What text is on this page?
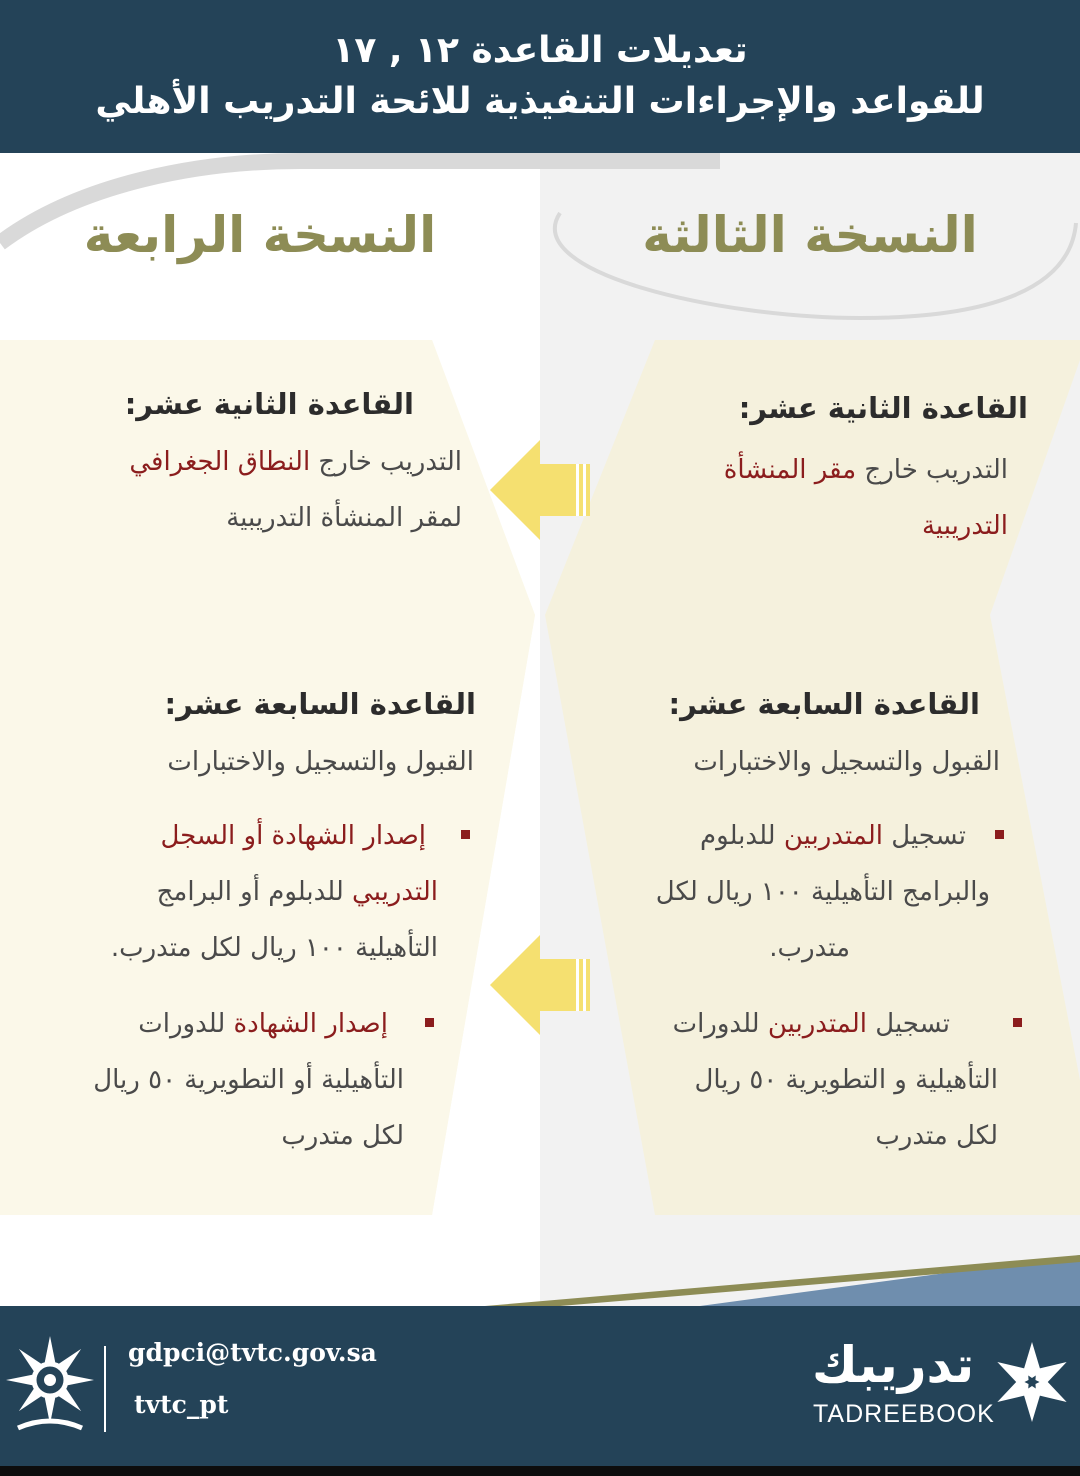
تعديلات القاعدة ١٢ , ١٧
للقواعد والإجراءات التنفيذية للائحة التدريب الأهلي
النسخة الثالثة
النسخة الرابعة
القاعدة الثانية عشر:
التدريب خارج مقر المنشأة
التدريبية
القاعدة الثانية عشر:
التدريب خارج النطاق الجغرافي
لمقر المنشأة التدريبية
القاعدة السابعة عشر:
القبول والتسجيل والاختبارات
تسجيل المتدربين للدبلوم
والبرامج التأهيلية ١٠٠ ريال لكل
متدرب.
تسجيل المتدربين للدورات
التأهيلية و التطويرية ٥٠ ريال
لكل متدرب
القاعدة السابعة عشر:
القبول والتسجيل والاختبارات
إصدار الشهادة أو السجل
التدريبي للدبلوم أو البرامج
التأهيلية ١٠٠ ريال لكل متدرب.
إصدار الشهادة للدورات
التأهيلية أو التطويرية ٥٠ ريال
لكل متدرب
gdpci@tvtc.gov.sa
tvtc_pt
تدريبك
TADREEBOOK
